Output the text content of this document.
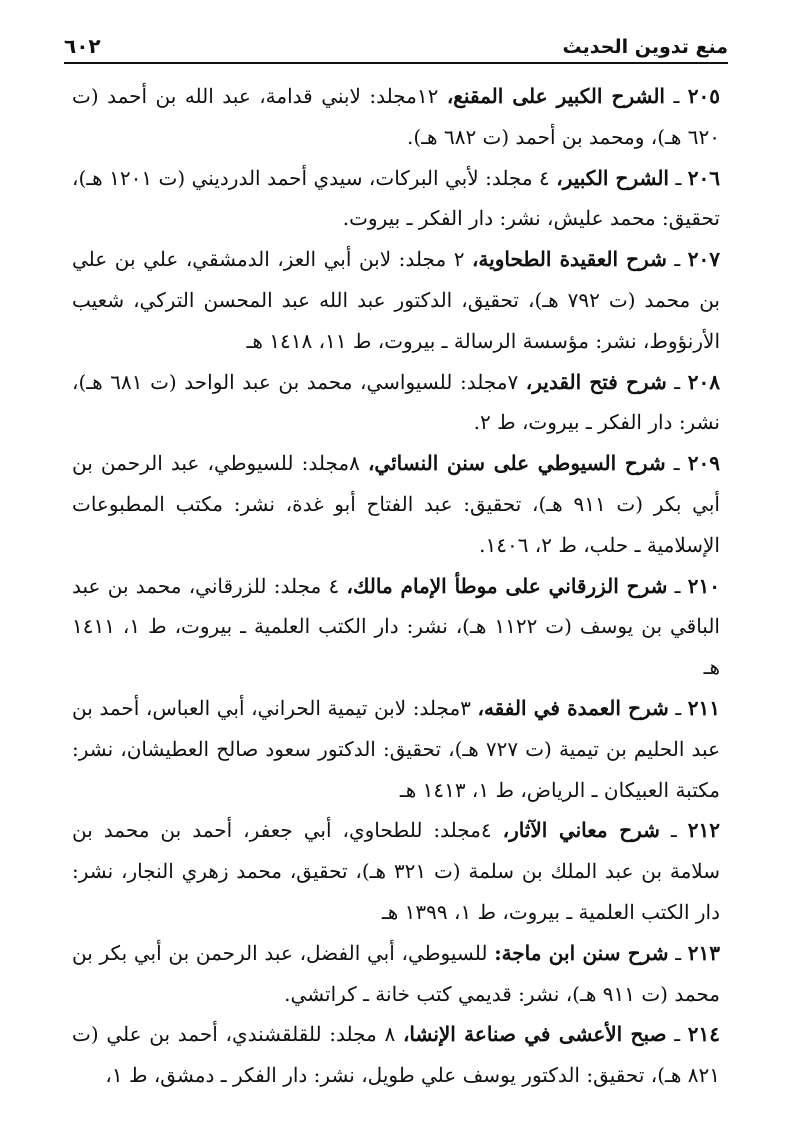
منع تدوين الحديث
٦٠٢

٢٠٥ ـ الشرح الكبير على المقنع، ١٢مجلد: لابني قدامة، عبد الله بن أحمد (ت ٦٢٠ هـ)، ومحمد بن أحمد (ت ٦٨٢ هـ).

٢٠٦ ـ الشرح الكبير، ٤ مجلد: لأبي البركات، سيدي أحمد الدرديني (ت ١٢٠١ هـ)، تحقيق: محمد عليش، نشر: دار الفكر ـ بيروت.

٢٠٧ ـ شرح العقيدة الطحاوية، ٢ مجلد: لابن أبي العز، الدمشقي، علي بن علي بن محمد (ت ٧٩٢ هـ)، تحقيق، الدكتور عبد الله عبد المحسن التركي، شعيب الأرنؤوط، نشر: مؤسسة الرسالة ـ بيروت، ط ١١، ١٤١٨ هـ

٢٠٨ ـ شرح فتح القدير، ٧مجلد: للسيواسي، محمد بن عبد الواحد (ت ٦٨١ هـ)، نشر: دار الفكر ـ بيروت، ط ٢.

٢٠٩ ـ شرح السيوطي على سنن النسائي، ٨مجلد: للسيوطي، عبد الرحمن بن أبي بكر (ت ٩١١ هـ)، تحقيق: عبد الفتاح أبو غدة، نشر: مكتب المطبوعات الإسلامية ـ حلب، ط ٢، ١٤٠٦.

٢١٠ ـ شرح الزرقاني على موطأ الإمام مالك، ٤ مجلد: للزرقاني، محمد بن عبد الباقي بن يوسف (ت ١١٢٢ هـ)، نشر: دار الكتب العلمية ـ بيروت، ط ١، ١٤١١ هـ

٢١١ ـ شرح العمدة في الفقه، ٣مجلد: لابن تيمية الحراني، أبي العباس، أحمد بن عبد الحليم بن تيمية (ت ٧٢٧ هـ)، تحقيق: الدكتور سعود صالح العطيشان، نشر: مكتبة العبيكان ـ الرياض، ط ١، ١٤١٣ هـ

٢١٢ ـ شرح معاني الآثار، ٤مجلد: للطحاوي، أبي جعفر، أحمد بن محمد بن سلامة بن عبد الملك بن سلمة (ت ٣٢١ هـ)، تحقيق، محمد زهري النجار، نشر: دار الكتب العلمية ـ بيروت، ط ١، ١٣٩٩ هـ

٢١٣ ـ شرح سنن ابن ماجة: للسيوطي، أبي الفضل، عبد الرحمن بن أبي بكر بن محمد (ت ٩١١ هـ)، نشر: قديمي كتب خانة ـ كراتشي.

٢١٤ ـ صبح الأعشى في صناعة الإنشا، ٨ مجلد: للقلقشندي، أحمد بن علي (ت ٨٢١ هـ)، تحقيق: الدكتور يوسف علي طويل، نشر: دار الفكر ـ دمشق، ط ١،
